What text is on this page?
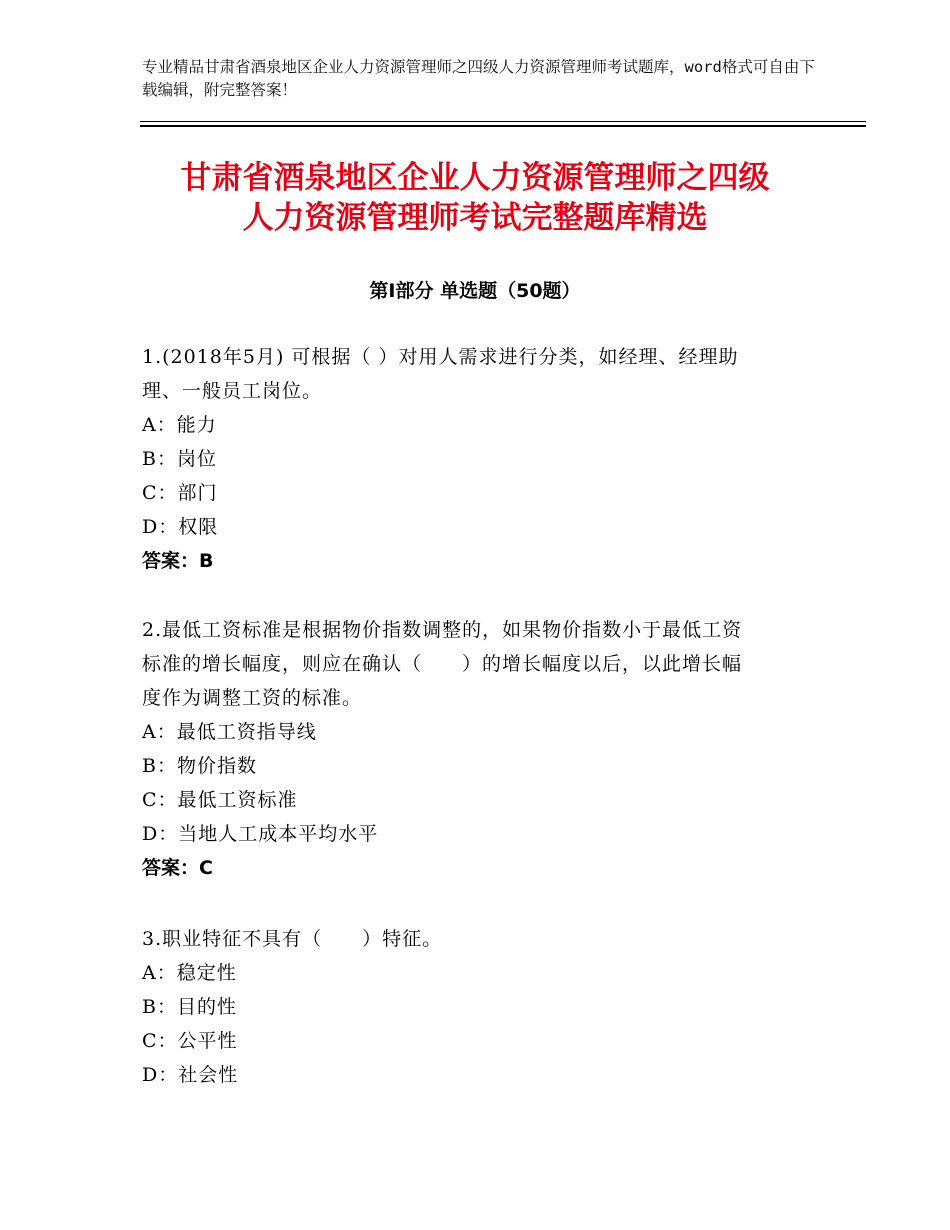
专业精品甘肃省酒泉地区企业人力资源管理师之四级人力资源管理师考试题库，word格式可自由下载编辑，附完整答案！
甘肃省酒泉地区企业人力资源管理师之四级
人力资源管理师考试完整题库精选
第Ⅰ部分 单选题（50题）
1.(2018年5月) 可根据（ ）对用人需求进行分类，如经理、经理助
理、一般员工岗位。
A：能力
B：岗位
C：部门
D：权限
答案：B
2.最低工资标准是根据物价指数调整的，如果物价指数小于最低工资
标准的增长幅度，则应在确认（　　）的增长幅度以后，以此增长幅
度作为调整工资的标准。
A：最低工资指导线
B：物价指数
C：最低工资标准
D：当地人工成本平均水平
答案：C
3.职业特征不具有（　　）特征。
A：稳定性
B：目的性
C：公平性
D：社会性
